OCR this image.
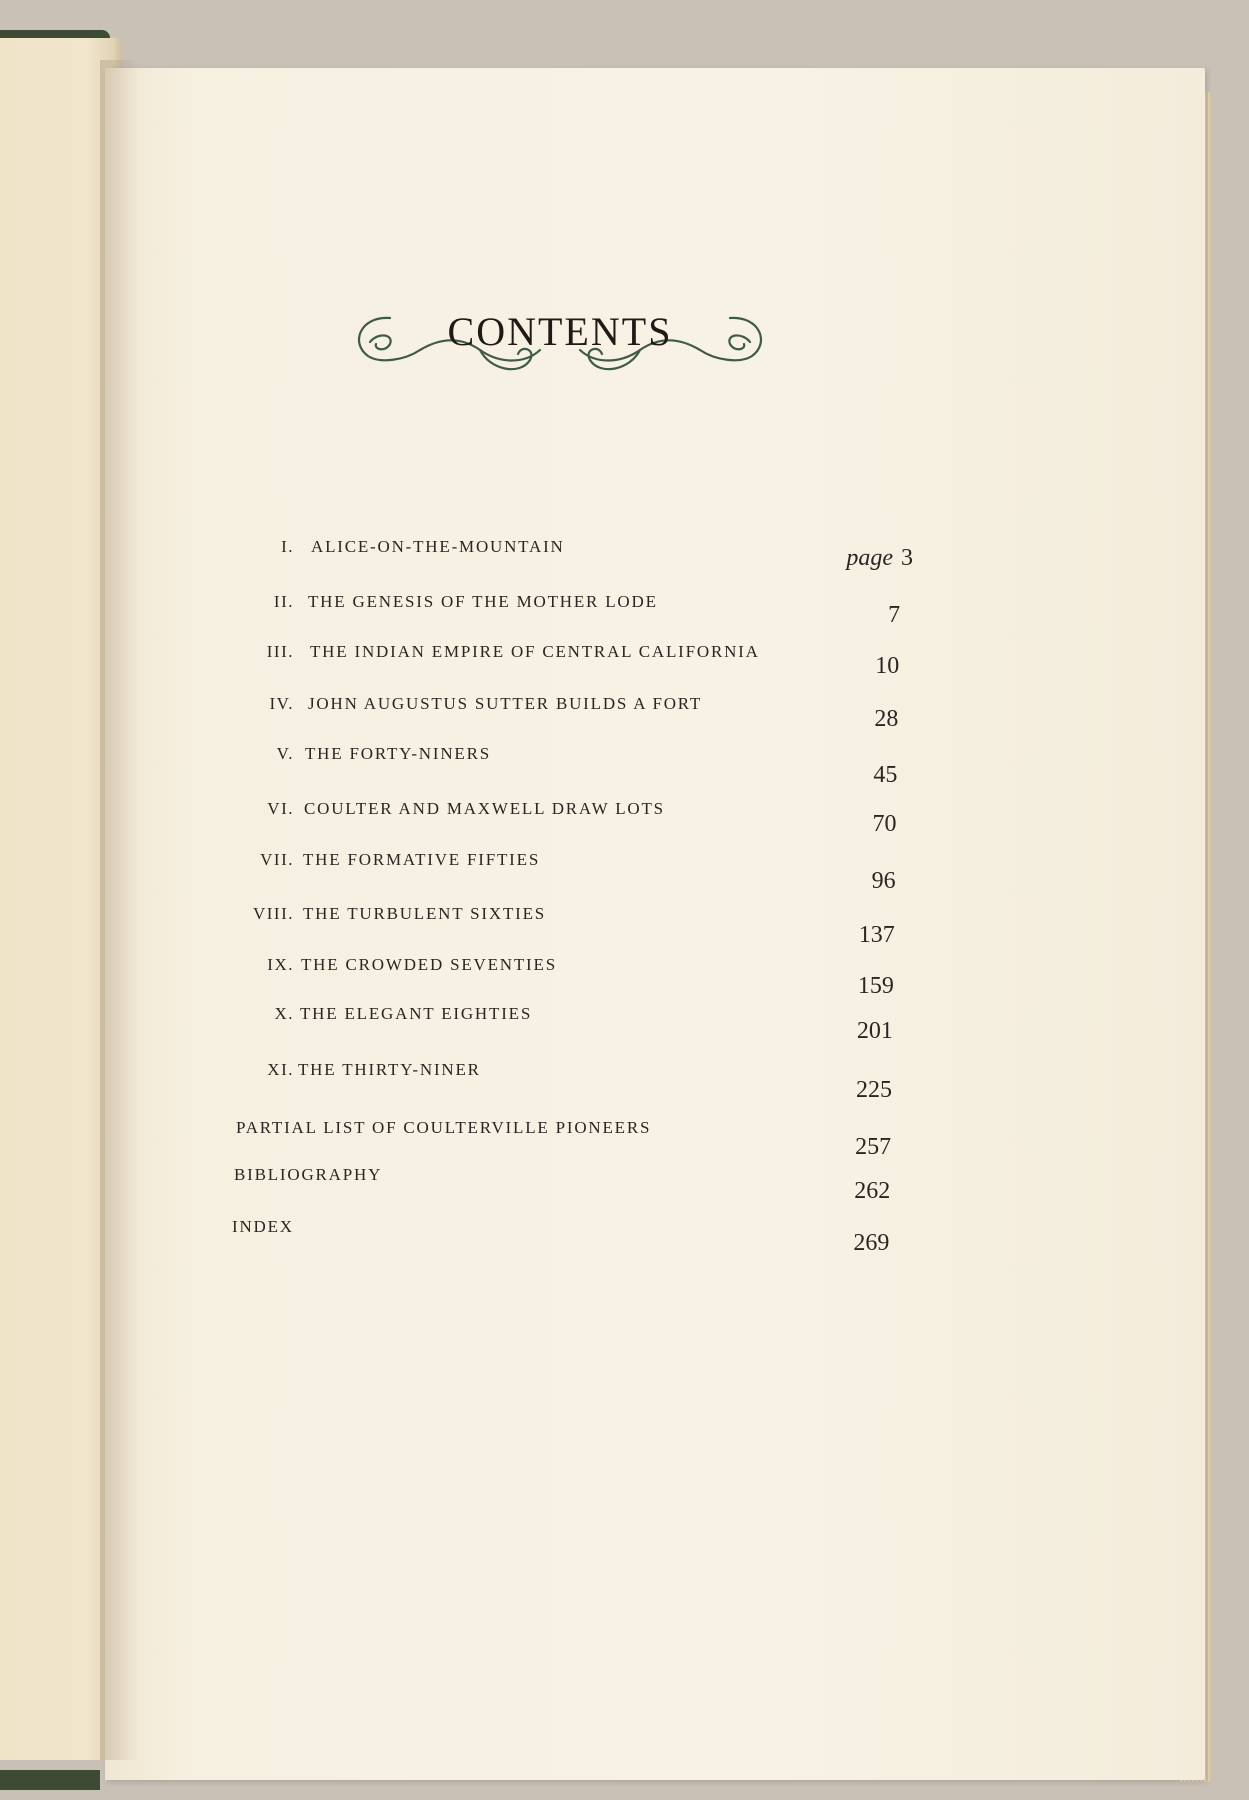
CONTENTS
I. ALICE-ON-THE-MOUNTAIN	page 3
II. THE GENESIS OF THE MOTHER LODE
7
III. THE INDIAN EMPIRE OF CENTRAL CALIFORNIA
10
IV. JOHN AUGUSTUS SUTTER BUILDS A FORT
28
V. THE FORTY-NINERS
45
VI. COULTER AND MAXWELL DRAW LOTS
70
VII. THE FORMATIVE FIFTIES
96
VIII. THE TURBULENT SIXTIES
137
IX. THE CROWDED SEVENTIES
159
X. THE ELEGANT EIGHTIES
201
XI. THE THIRTY-NINER
225
PARTIAL LIST OF COULTERVILLE PIONEERS
257
BIBLIOGRAPHY
262
INDEX
269
